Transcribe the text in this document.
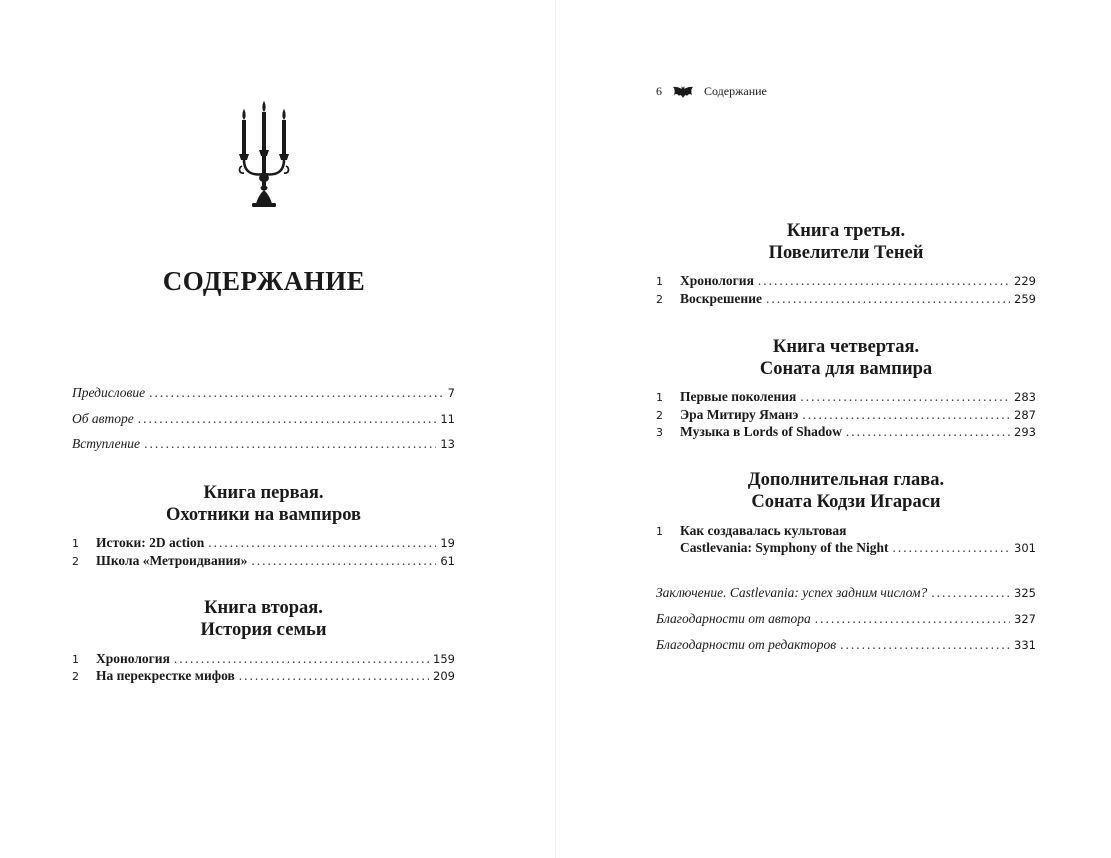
СОДЕРЖАНИЕ
Предисловие .....	7
Об авторе .....	11
Вступление .....	13
Книга первая.
Охотники на вампиров
1	Истоки: 2D action .....	19
2	Школа «Метроидвания» .....	61
Книга вторая.
История семьи
1	Хронология .....	159
2	На перекрестке мифов .....	209
6	Содержание
Книга третья.
Повелители Теней
1	Хронология .....	229
2	Воскрешение .....	259
Книга четвертая.
Соната для вампира
1	Первые поколения .....	283
2	Эра Митиру Яманэ .....	287
3	Музыка в Lords of Shadow .....	293
Дополнительная глава.
Соната Кодзи Игараси
1	Как создавалась культовая
Castlevania: Symphony of the Night .....	301
Заключение. Castlevania: успех задним числом? .....	325
Благодарности от автора .....	327
Благодарности от редакторов .....	331
